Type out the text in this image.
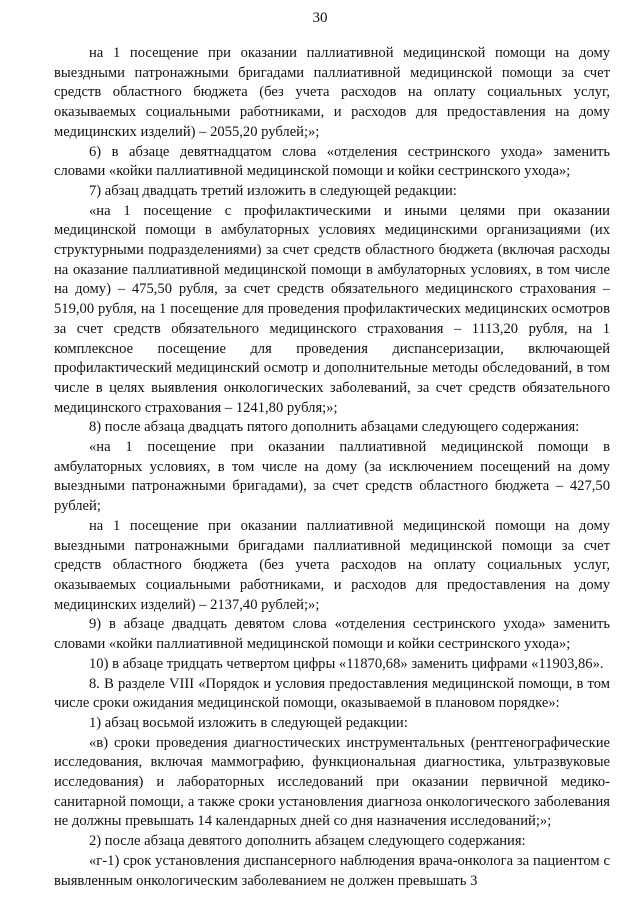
30

на 1 посещение при оказании паллиативной медицинской помощи на дому выездными патронажными бригадами паллиативной медицинской помощи за счет средств областного бюджета (без учета расходов на оплату социальных услуг, оказываемых социальными работниками, и расходов для предоставления на дому медицинских изделий) – 2055,20 рублей;»;

6) в абзаце девятнадцатом слова «отделения сестринского ухода» заменить словами «койки паллиативной медицинской помощи и койки сестринского ухода»;

7) абзац двадцать третий изложить в следующей редакции:

«на 1 посещение с профилактическими и иными целями при оказании медицинской помощи в амбулаторных условиях медицинскими организациями (их структурными подразделениями) за счет средств областного бюджета (включая расходы на оказание паллиативной медицинской помощи в амбулаторных условиях, в том числе на дому) – 475,50 рубля, за счет средств обязательного медицинского страхования – 519,00 рубля, на 1 посещение для проведения профилактических медицинских осмотров за счет средств обязательного медицинского страхования – 1113,20 рубля, на 1 комплексное посещение для проведения диспансеризации, включающей профилактический медицинский осмотр и дополнительные методы обследований, в том числе в целях выявления онкологических заболеваний, за счет средств обязательного медицинского страхования – 1241,80 рубля;»;

8) после абзаца двадцать пятого дополнить абзацами следующего содержания:

«на 1 посещение при оказании паллиативной медицинской помощи в амбулаторных условиях, в том числе на дому (за исключением посещений на дому выездными патронажными бригадами), за счет средств областного бюджета – 427,50 рублей;

на 1 посещение при оказании паллиативной медицинской помощи на дому выездными патронажными бригадами паллиативной медицинской помощи за счет средств областного бюджета (без учета расходов на оплату социальных услуг, оказываемых социальными работниками, и расходов для предоставления на дому медицинских изделий) – 2137,40 рублей;»;

9) в абзаце двадцать девятом слова «отделения сестринского ухода» заменить словами «койки паллиативной медицинской помощи и койки сестринского ухода»;

10) в абзаце тридцать четвертом цифры «11870,68» заменить цифрами «11903,86».

8. В разделе VIII «Порядок и условия предоставления медицинской помощи, в том числе сроки ожидания медицинской помощи, оказываемой в плановом порядке»:

1) абзац восьмой изложить в следующей редакции:

«в) сроки проведения диагностических инструментальных (рентгенографические исследования, включая маммографию, функциональная диагностика, ультразвуковые исследования) и лабораторных исследований при оказании первичной медико-санитарной помощи, а также сроки установления диагноза онкологического заболевания не должны превышать 14 календарных дней со дня назначения исследований;»;

2) после абзаца девятого дополнить абзацем следующего содержания:

«г-1) срок установления диспансерного наблюдения врача-онколога за пациентом с выявленным онкологическим заболеванием не должен превышать 3
